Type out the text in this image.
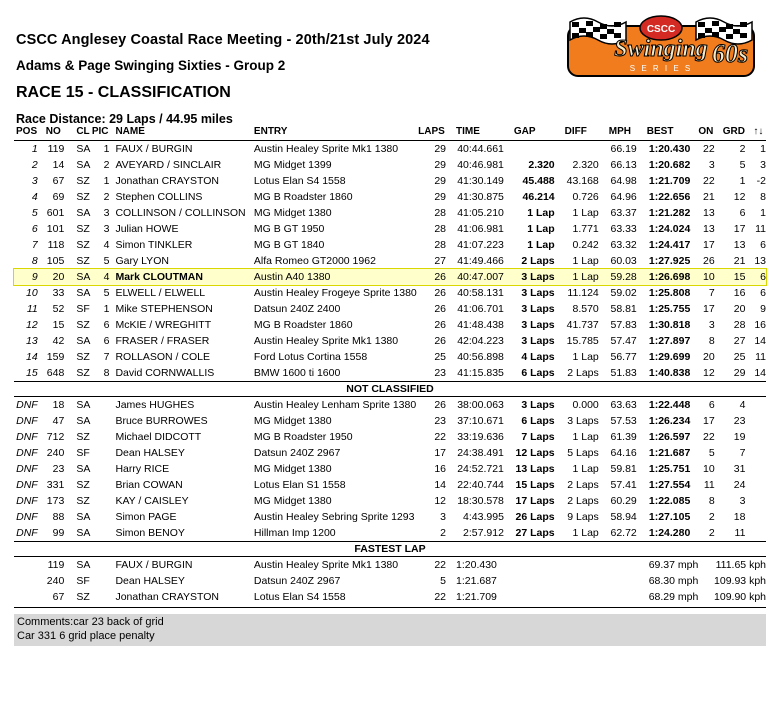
CSCC Anglesey Coastal Race Meeting - 20th/21st July 2024
Adams & Page Swinging Sixties - Group 2
RACE 15 - CLASSIFICATION
Race Distance: 29 Laps / 44.95 miles
CSCC
Swinging 60s
S E R I E S
POS	NO	CL	PIC	NAME	ENTRY	LAPS	TIME	GAP	DIFF	MPH	BEST	ON	GRD	↑↓
1	119	SA	1	FAUX / BURGIN	Austin Healey Sprite Mk1 1380	29	40:44.661			66.19	1:20.430	22	2	1
2	14	SA	2	AVEYARD / SINCLAIR	MG Midget 1399	29	40:46.981	2.320	2.320	66.13	1:20.682	3	5	3
3	67	SZ	1	Jonathan CRAYSTON	Lotus Elan S4 1558	29	41:30.149	45.488	43.168	64.98	1:21.709	22	1	-2
4	69	SZ	2	Stephen COLLINS	MG B Roadster 1860	29	41:30.875	46.214	0.726	64.96	1:22.656	21	12	8
5	601	SA	3	COLLINSON / COLLINSON	MG Midget 1380	28	41:05.210	1 Lap	1 Lap	63.37	1:21.282	13	6	1
6	101	SZ	3	Julian HOWE	MG B GT 1950	28	41:06.981	1 Lap	1.771	63.33	1:24.024	13	17	11
7	118	SZ	4	Simon TINKLER	MG B GT 1840	28	41:07.223	1 Lap	0.242	63.32	1:24.417	17	13	6
8	105	SZ	5	Gary LYON	Alfa Romeo GT2000 1962	27	41:49.466	2 Laps	1 Lap	60.03	1:27.925	26	21	13
9	20	SA	4	Mark CLOUTMAN	Austin A40 1380	26	40:47.007	3 Laps	1 Lap	59.28	1:26.698	10	15	6
10	33	SA	5	ELWELL / ELWELL	Austin Healey Frogeye Sprite 1380	26	40:58.131	3 Laps	11.124	59.02	1:25.808	7	16	6
11	52	SF	1	Mike STEPHENSON	Datsun 240Z 2400	26	41:06.701	3 Laps	8.570	58.81	1:25.755	17	20	9
12	15	SZ	6	McKIE / WREGHITT	MG B Roadster 1860	26	41:48.438	3 Laps	41.737	57.83	1:30.818	3	28	16
13	42	SA	6	FRASER / FRASER	Austin Healey Sprite Mk1 1380	26	42:04.223	3 Laps	15.785	57.47	1:27.897	8	27	14
14	159	SZ	7	ROLLASON / COLE	Ford Lotus Cortina 1558	25	40:56.898	4 Laps	1 Lap	56.77	1:29.699	20	25	11
15	648	SZ	8	David CORNWALLIS	BMW 1600 ti 1600	23	41:15.835	6 Laps	2 Laps	51.83	1:40.838	12	29	14
NOT CLASSIFIED														
DNF	18	SA		James HUGHES	Austin Healey Lenham Sprite 1380	26	38:00.063	3 Laps	0.000	63.63	1:22.448	6	4	
DNF	47	SA		Bruce BURROWES	MG Midget 1380	23	37:10.671	6 Laps	3 Laps	57.53	1:26.234	17	23	
DNF	712	SZ		Michael DIDCOTT	MG B Roadster 1950	22	33:19.636	7 Laps	1 Lap	61.39	1:26.597	22	19	
DNF	240	SF		Dean HALSEY	Datsun 240Z 2967	17	24:38.491	12 Laps	5 Laps	64.16	1:21.687	5	7	
DNF	23	SA		Harry RICE	MG Midget 1380	16	24:52.721	13 Laps	1 Lap	59.81	1:25.751	10	31	
DNF	331	SZ		Brian COWAN	Lotus Elan S1 1558	14	22:40.744	15 Laps	2 Laps	57.41	1:27.554	11	24	
DNF	173	SZ		KAY / CAISLEY	MG Midget 1380	12	18:30.578	17 Laps	2 Laps	60.29	1:22.085	8	3	
DNF	88	SA		Simon PAGE	Austin Healey Sebring Sprite 1293	3	4:43.995	26 Laps	9 Laps	58.94	1:27.105	2	18	
DNF	99	SA		Simon BENOY	Hillman Imp 1200	2	2:57.912	27 Laps	1 Lap	62.72	1:24.280	2	11	
FASTEST LAP														
	119	SA		FAUX / BURGIN	Austin Healey Sprite Mk1 1380	22	1:20.430		69.37 mph			111.65 kph		
	240	SF		Dean HALSEY	Datsun 240Z 2967	5	1:21.687		68.30 mph			109.93 kph		
	67	SZ		Jonathan CRAYSTON	Lotus Elan S4 1558	22	1:21.709		68.29 mph			109.90 kph		
Comments:car 23 back of grid
Car 331 6 grid place penalty
